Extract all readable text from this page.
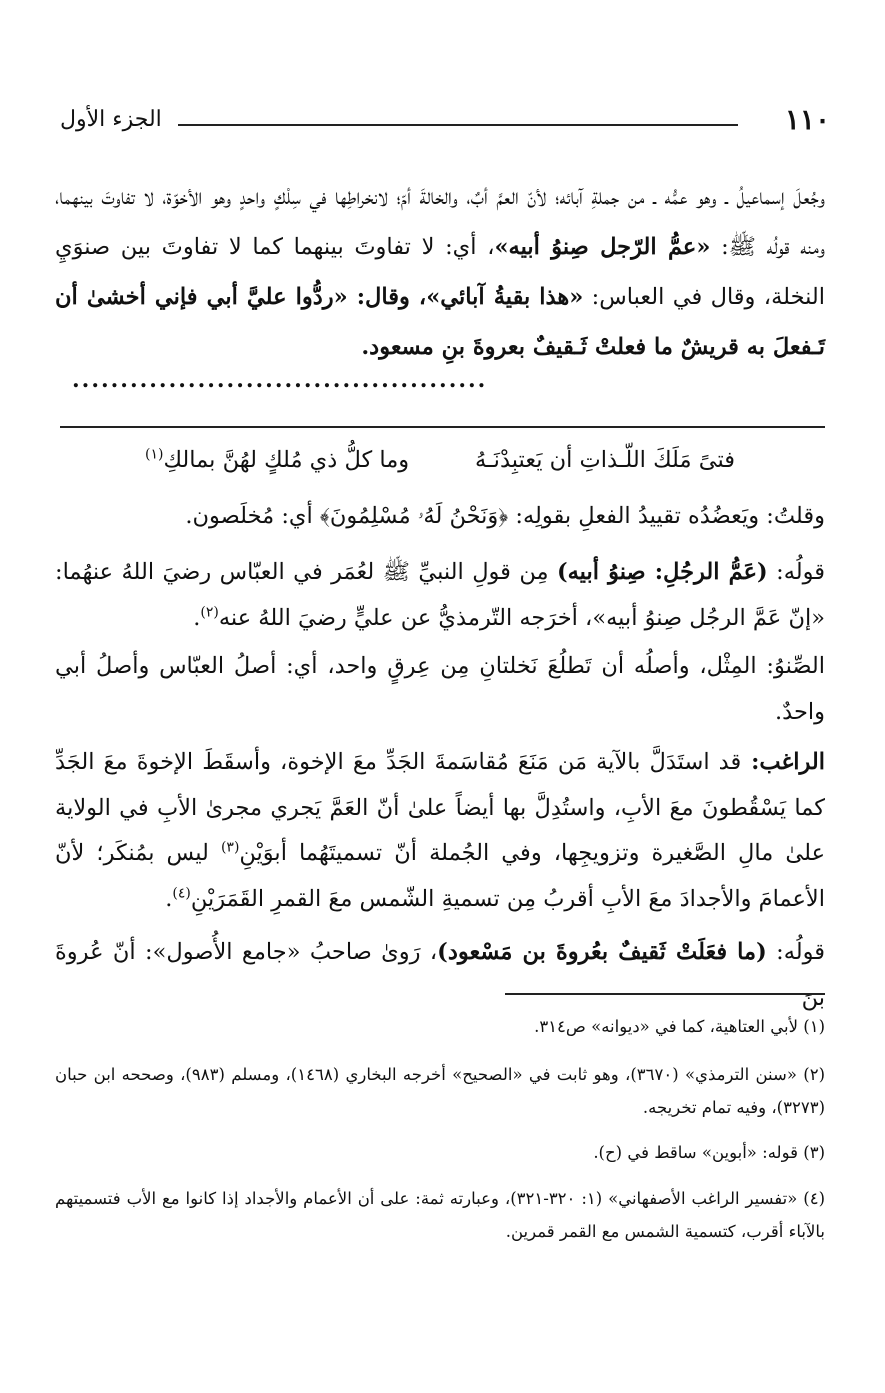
١١٠
الجزء الأول

وجُعلَ إسماعيلُ ـ وهو عمُّه ـ من جملةِ آبائه؛ لأنّ العمَّ أبٌ، والخالةَ أمّ؛ لانخراطِها في سِلْكٍ واحدٍ وهو الأخوّة، لا تفاوتَ بينهما، ومنه قولُه ﷺ: «عمُّ الرّجل صِنوُ أبيه»، أي: لا تفاوتَ بينهما كما لا تفاوتَ بين صنوَيِ النخلة، وقال في العباس: «هذا بقيةُ آبائي»، وقال: «ردُّوا عليَّ أبي فإني أخشىٰ أن تَـفعلَ به قريشٌ ما فعلتْ ثَـقيفٌ بعروةَ بنِ مسعود.

...........................................
فتىً مَلَكَ اللّـذاتِ أن يَعتبِدْنَـهُ
وما كلُّ ذي مُلكٍ لهُنَّ بمالكِ$^{(١)}$

وقلتُ: ويَعضُدُه تقييدُ الفعلِ بقولِه: ﴿وَنَحْنُ لَهُۥ مُسْلِمُونَ﴾ أي: مُخلَصون.

قولُه: (عَمُّ الرجُلِ: صِنوُ أبيه) مِن قولِ النبيِّ ﷺ لعُمَر في العبّاس رضيَ اللهُ عنهُما: «إنّ عَمَّ الرجُل صِنوُ أبيه»، أخرَجه التّرمذيُّ عن عليٍّ رضيَ اللهُ عنه$^{(٢)}$.

الصِّنوُ: المِثْل، وأصلُه أن تَطلُعَ نَخلتانِ مِن عِرقٍ واحد، أي: أصلُ العبّاس وأصلُ أبي واحدٌ.

الراغب: قد استَدَلَّ بالآية مَن مَنَعَ مُقاسَمةَ الجَدِّ معَ الإخوة، وأسقَطَ الإخوةَ معَ الجَدِّ كما يَسْقُطونَ معَ الأبِ، واستُدِلَّ بها أيضاً علىٰ أنّ العَمَّ يَجري مجرىٰ الأبِ في الولاية علىٰ مالِ الصَّغيرة وتزويجِها، وفي الجُملة أنّ تسميتَهُما أبوَيْنِ$^{(٣)}$ ليس بمُنكَر؛ لأنّ الأعمامَ والأجدادَ معَ الأبِ أقربُ مِن تسميةِ الشّمس معَ القمرِ القَمَرَيْنِ$^{(٤)}$.

قولُه: (ما فعَلَتْ ثَقيفٌ بعُروةَ بن مَسْعود)، رَوىٰ صاحبُ «جامع الأُصول»: أنّ عُروةَ بنَ

(١) لأبي العتاهية، كما في «ديوانه» ص٣١٤.

(٢) «سنن الترمذي» (٣٦٧٠)، وهو ثابت في «الصحيح» أخرجه البخاري (١٤٦٨)، ومسلم (٩٨٣)، وصححه ابن حبان (٣٢٧٣)، وفيه تمام تخريجه.

(٣) قوله: «أبوين» ساقط في (ح).

(٤) «تفسير الراغب الأصفهاني» (١: ٣٢٠-٣٢١)، وعبارته ثمة: على أن الأعمام والأجداد إذا كانوا مع الأب فتسميتهم بالآباء أقرب، كتسمية الشمس مع القمر قمرين.
